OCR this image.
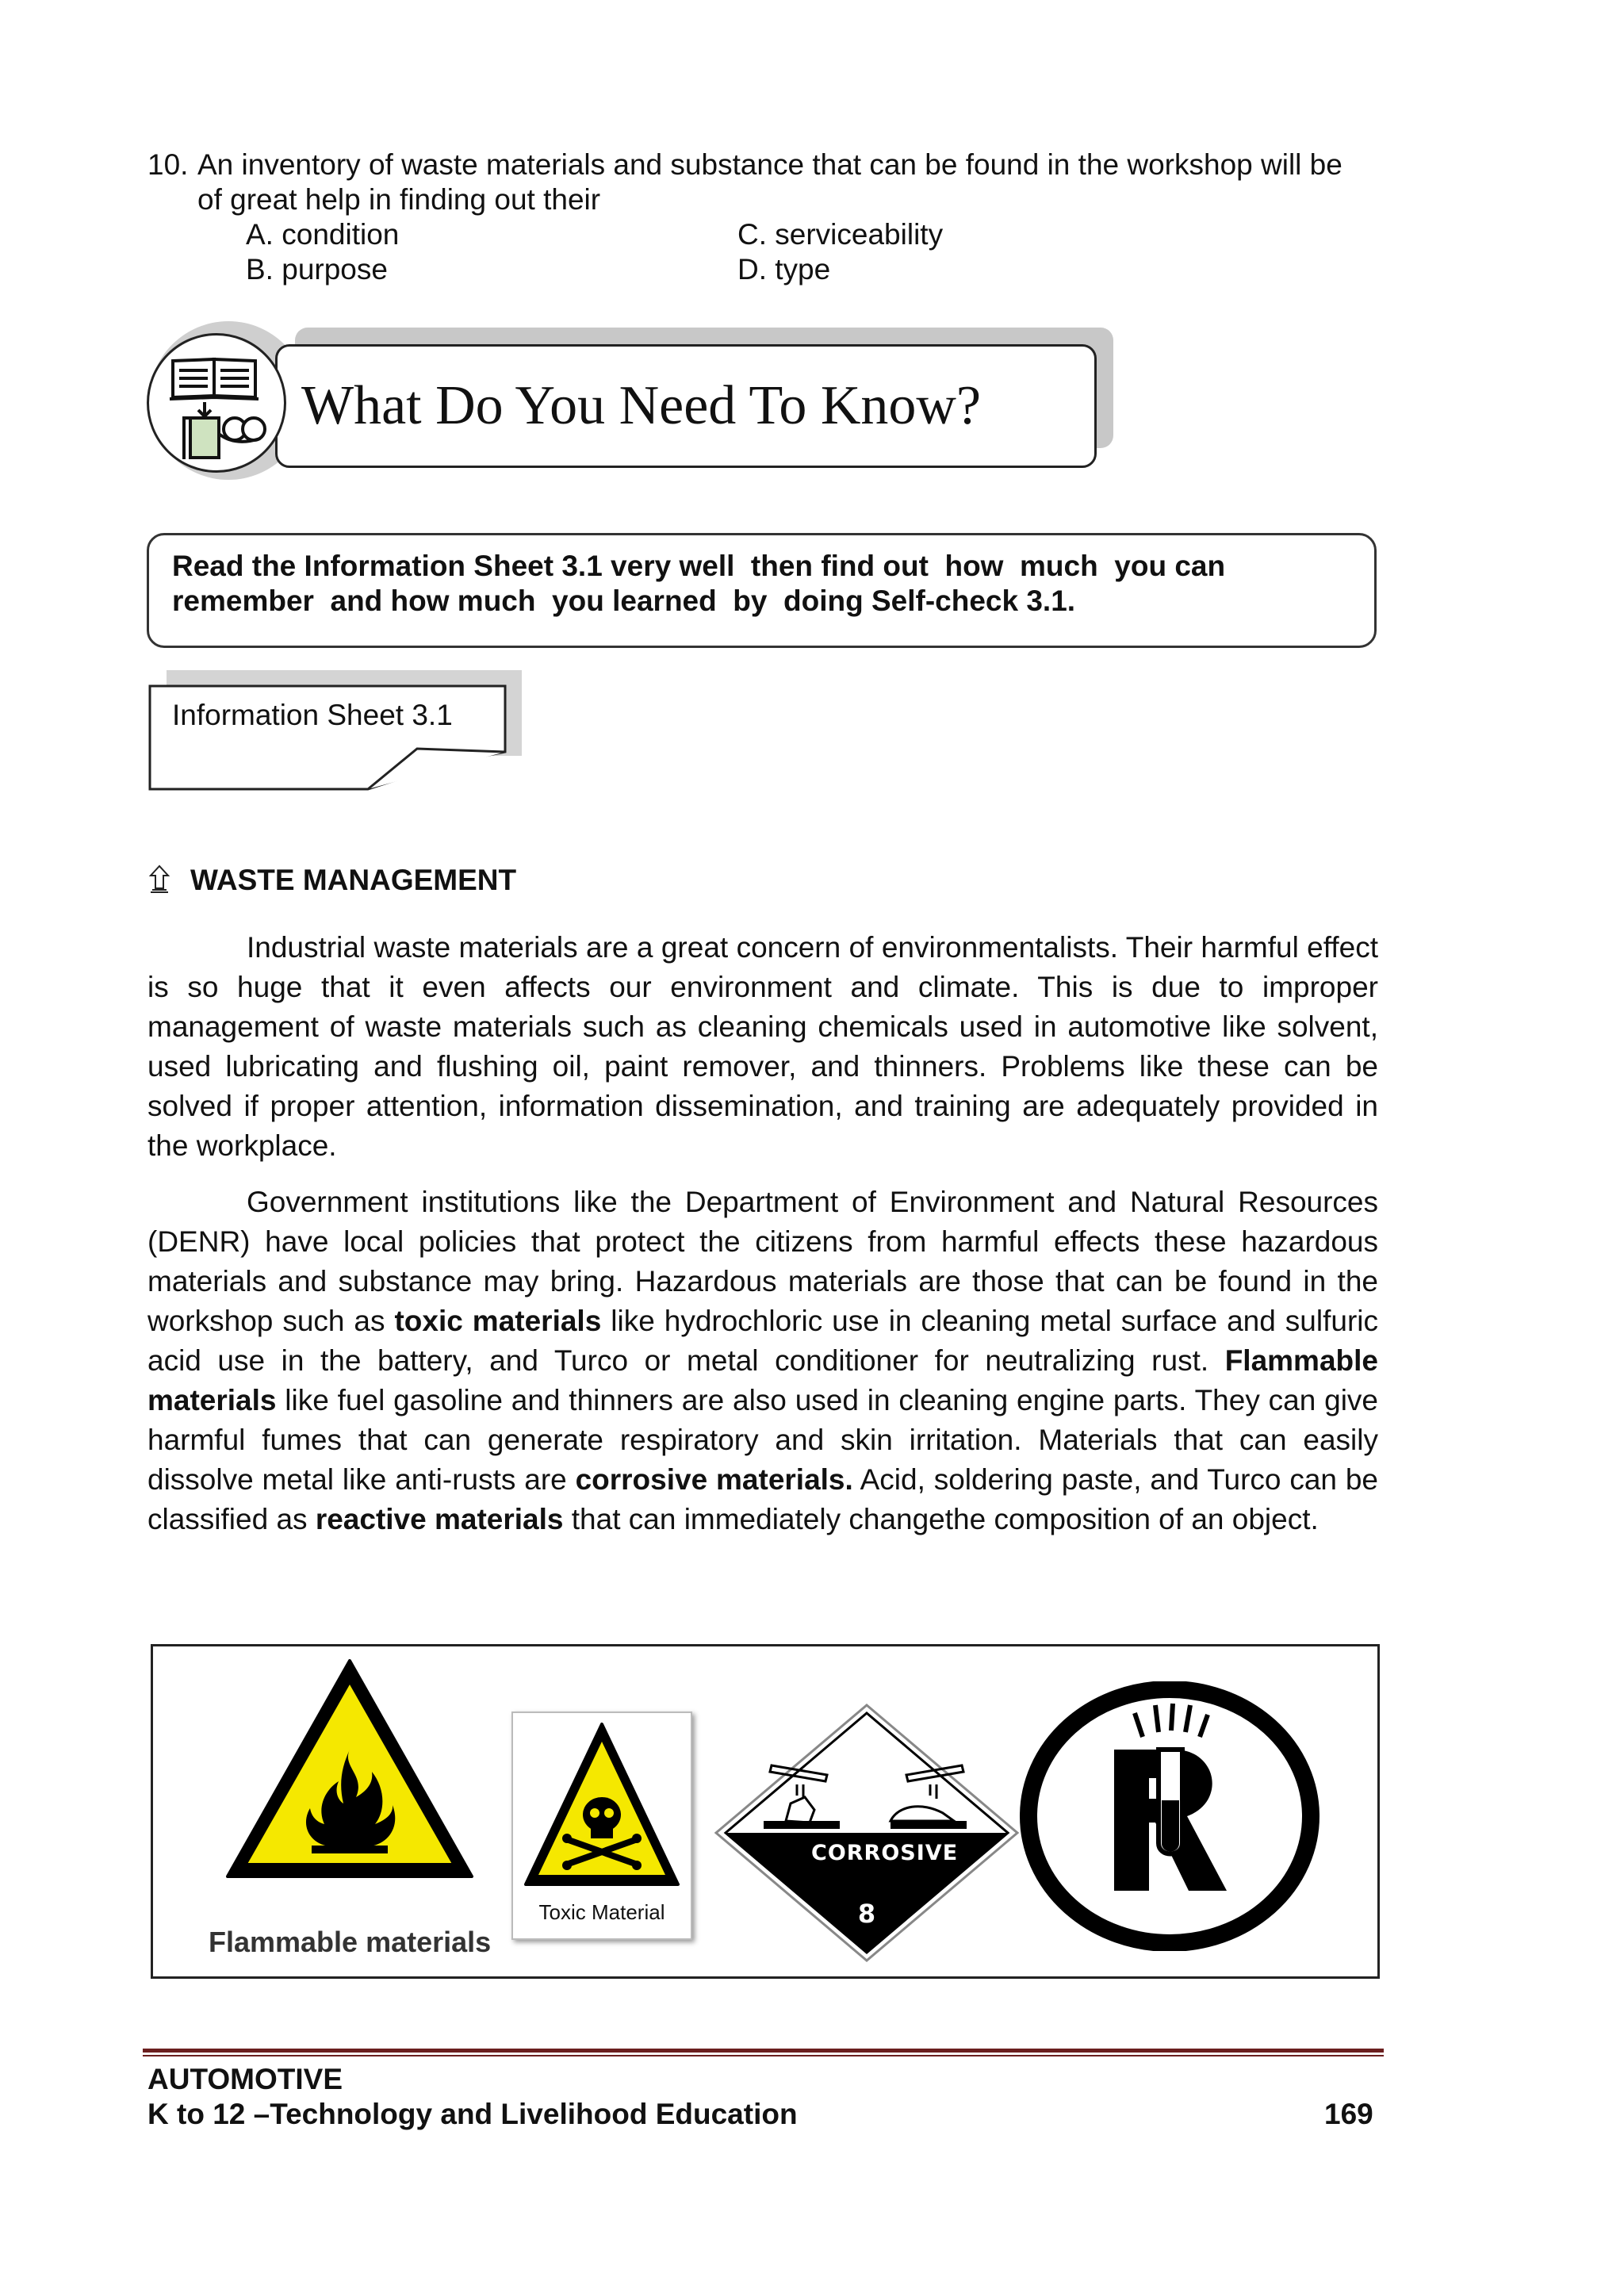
10. An inventory of waste materials and substance that can be found in the workshop will be
of great help in finding out their
A. condition	C. serviceability
B. purpose	D. type
What Do You Need To Know?
Read the Information Sheet 3.1 very well  then find out  how  much  you can
remember  and how much  you learned  by  doing Self-check 3.1.
Information Sheet 3.1
WASTE MANAGEMENT
Industrial waste materials are a great concern of environmentalists. Their harmful effect is so huge that it even affects our environment and climate. This is due to improper management of waste materials such as cleaning chemicals used in automotive like solvent, used lubricating and flushing oil, paint remover, and thinners. Problems like these can be solved if proper attention, information dissemination, and training are adequately provided in the workplace.
Government institutions like the Department of Environment and Natural Resources (DENR) have local policies that protect the citizens from harmful effects these hazardous materials and substance may bring. Hazardous materials are those that can be found in the workshop such as toxic materials like hydrochloric use in cleaning metal surface and sulfuric acid use in the battery, and Turco or metal conditioner for neutralizing rust. Flammable materials like fuel gasoline and thinners are also used in cleaning engine parts. They can give harmful fumes that can generate respiratory and skin irritation. Materials that can easily dissolve metal like anti-rusts are corrosive materials. Acid, soldering paste, and Turco can be classified as reactive materials that can immediately changethe composition of an object.
Flammable materials
Toxic Material
CORROSIVE
8
AUTOMOTIVE
K to 12 –Technology and Livelihood Education	169
